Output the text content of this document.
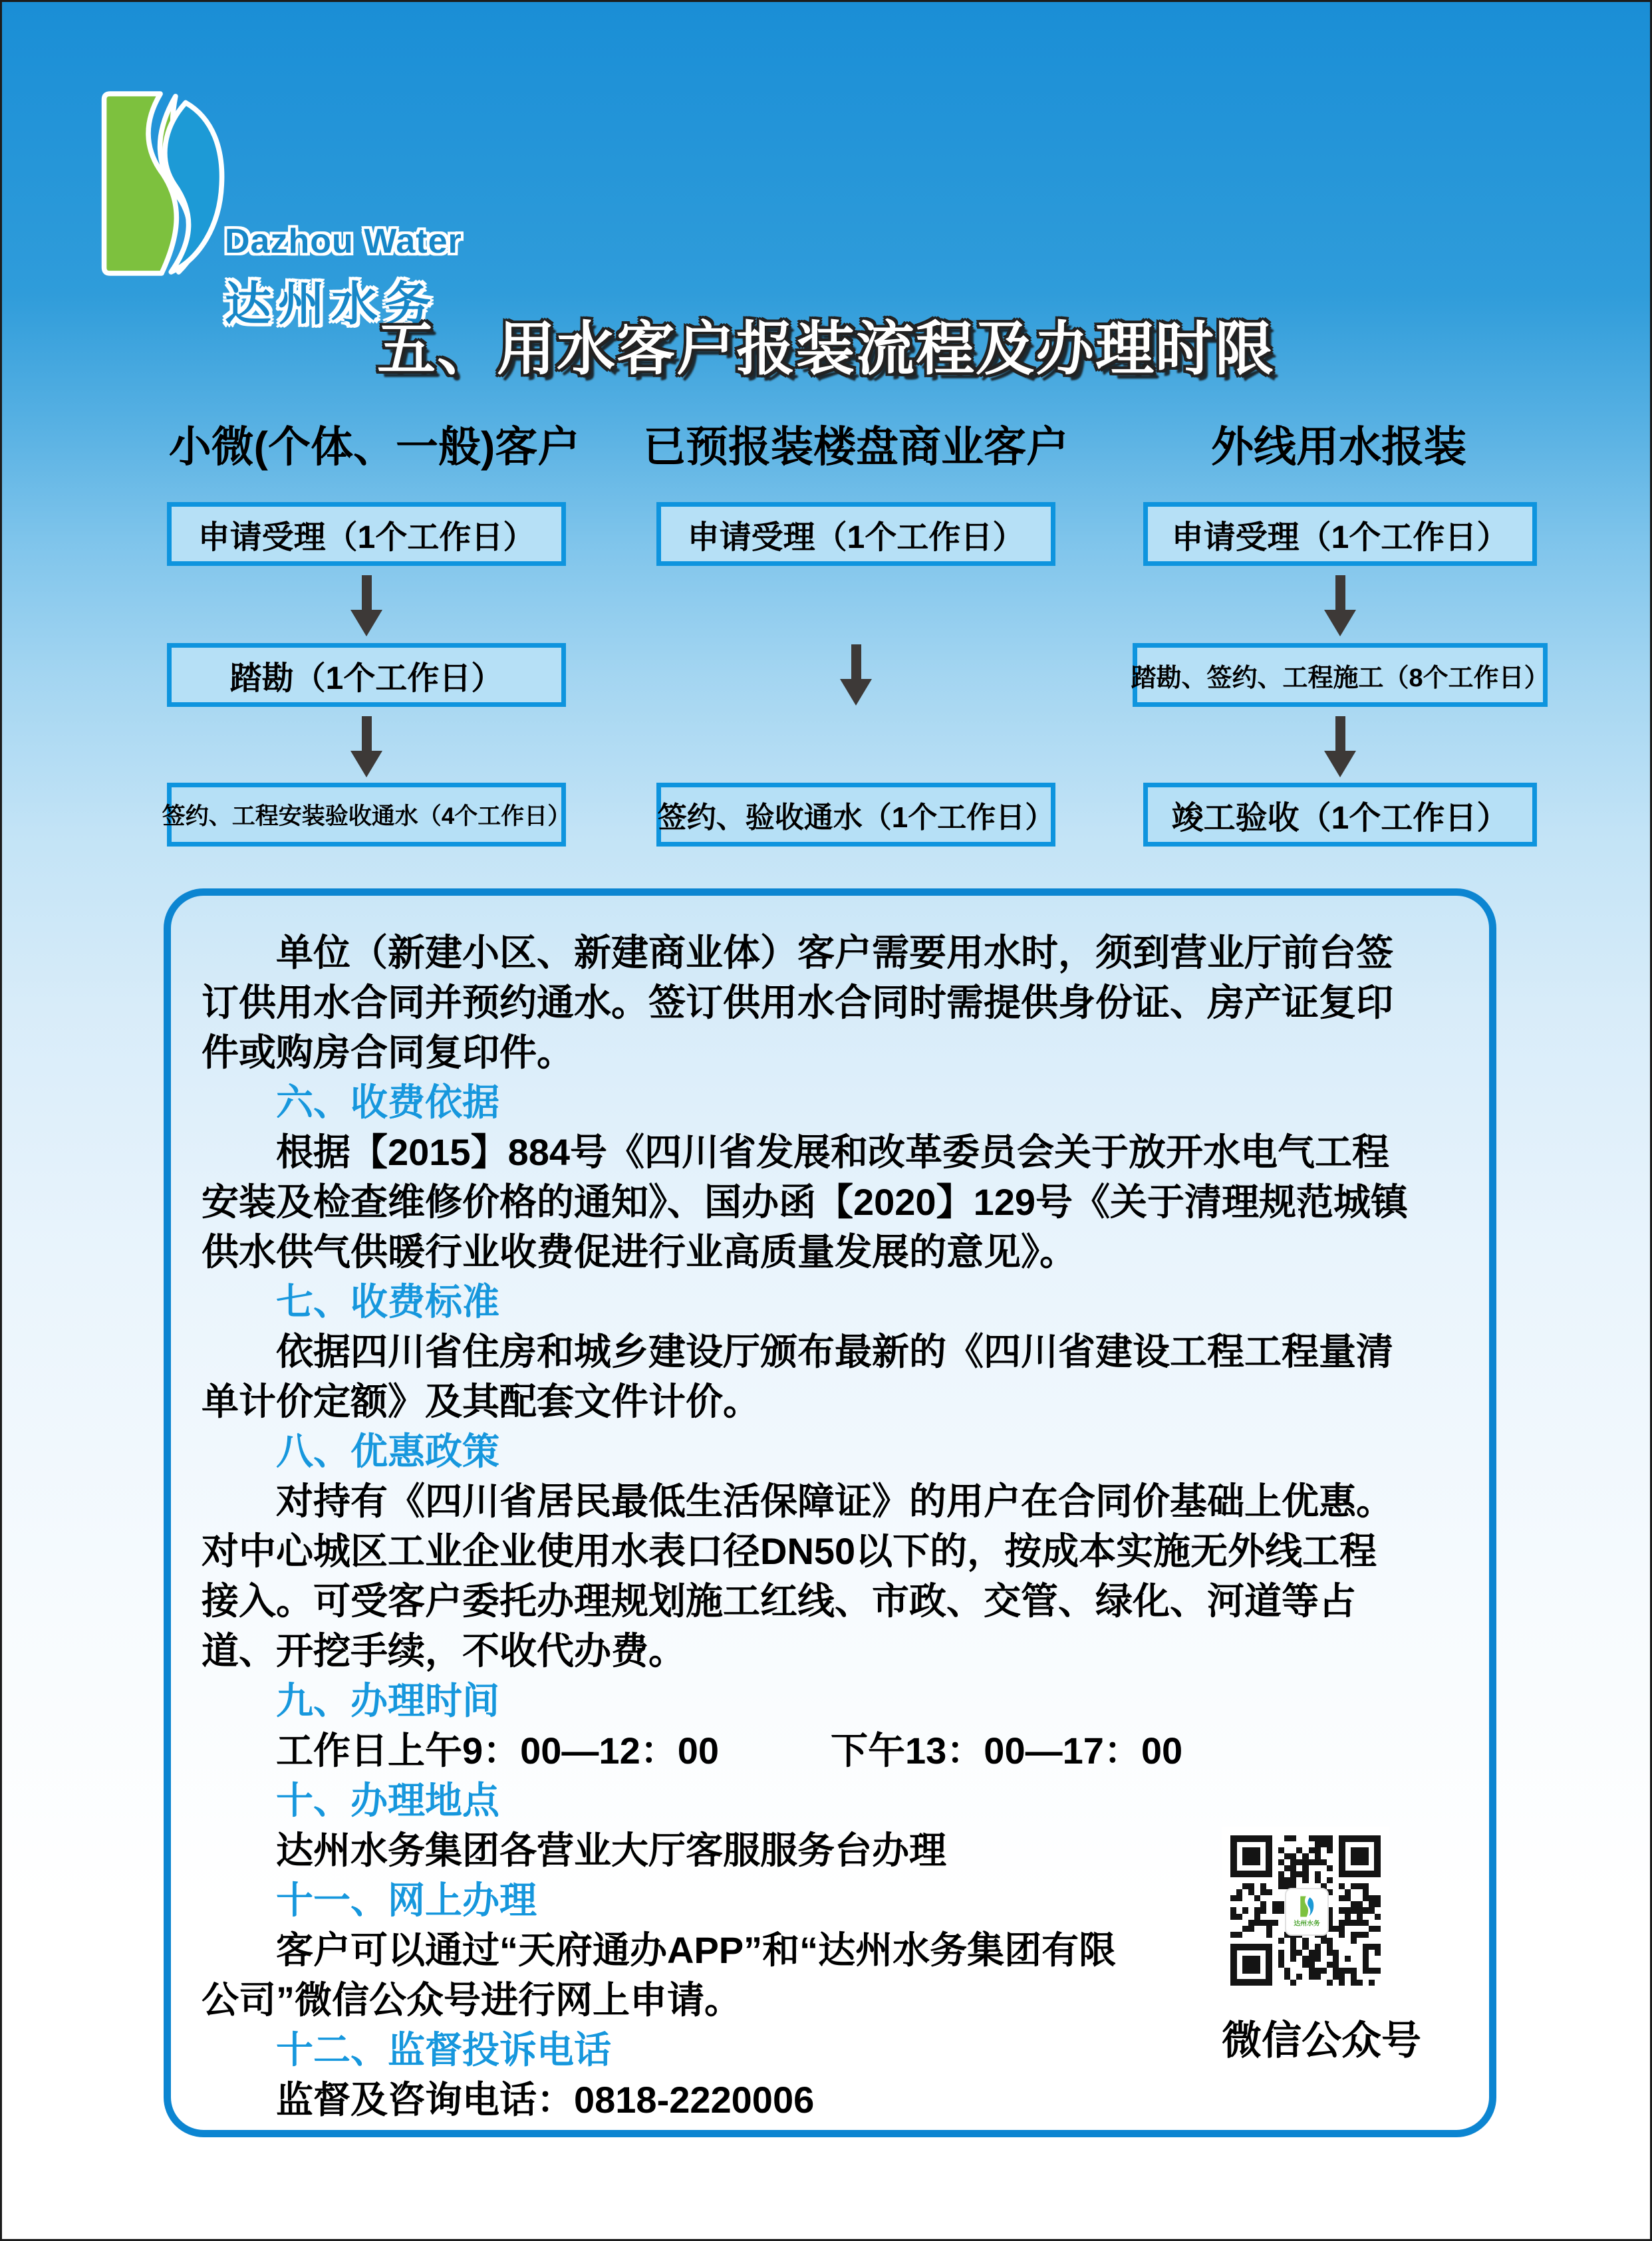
Dazhou Water
达州水务
五、用水客户报装流程及办理时限
小微(个体、一般)客户	已预报装楼盘商业客户	外线用水报装
申请受理（1个工作日）
踏勘（1个工作日）
签约、工程安装验收通水（4个工作日）
申请受理（1个工作日）
签约、验收通水（1个工作日）
申请受理（1个工作日）
踏勘、签约、工程施工（8个工作日）
竣工验收（1个工作日）

单位（新建小区、新建商业体）客户需要用水时，须到营业厅前台签订供用水合同并预约通水。签订供用水合同时需提供身份证、房产证复印件或购房合同复印件。

六、收费依据

根据【2015】884号《四川省发展和改革委员会关于放开水电气工程安装及检查维修价格的通知》、国办函【2020】129号《关于清理规范城镇供水供气供暖行业收费促进行业高质量发展的意见》。

七、收费标准

依据四川省住房和城乡建设厅颁布最新的《四川省建设工程工程量清单计价定额》及其配套文件计价。

八、优惠政策

对持有《四川省居民最低生活保障证》的用户在合同价基础上优惠。对中心城区工业企业使用水表口径DN50以下的，按成本实施无外线工程接入。可受客户委托办理规划施工红线、市政、交管、绿化、河道等占道、开挖手续，不收代办费。

九、办理时间

工作日上午9：00—12：00　　　下午13：00—17：00

十、办理地点

达州水务集团各营业大厅客服服务台办理

十一、网上办理

客户可以通过“天府通办APP”和“达州水务集团有限公司”微信公众号进行网上申请。

十二、监督投诉电话

监督及咨询电话：0818-2220006

达州水务
微信公众号
